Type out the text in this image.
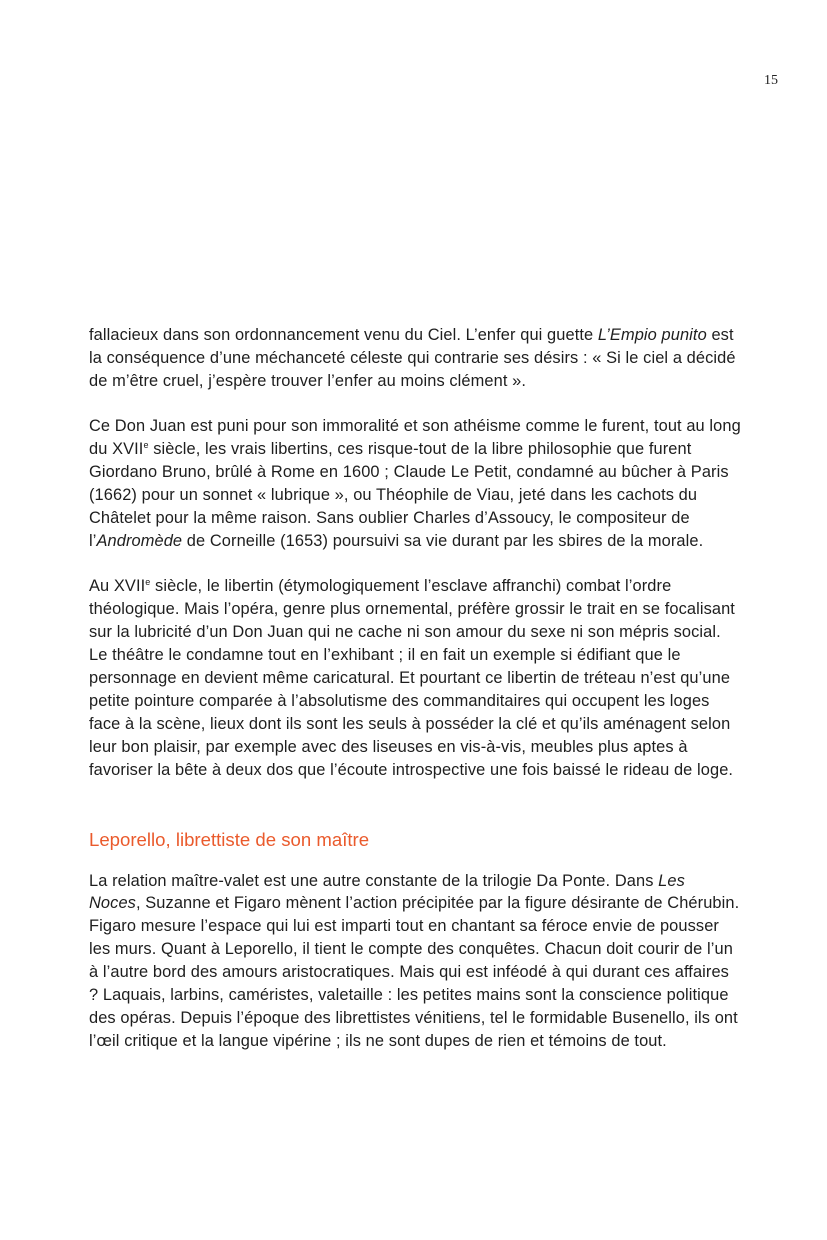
15

fallacieux dans son ordonnancement venu du Ciel. L’enfer qui guette L’Empio punito est la conséquence d’une méchanceté céleste qui contrarie ses désirs : « Si le ciel a décidé de m’être cruel, j’espère trouver l’enfer au moins clément ».

Ce Don Juan est puni pour son immoralité et son athéisme comme le furent, tout au long du XVIIe siècle, les vrais libertins, ces risque-tout de la libre philosophie que furent Giordano Bruno, brûlé à Rome en 1600 ; Claude Le Petit, condamné au bûcher à Paris (1662) pour un sonnet « lubrique », ou Théophile de Viau, jeté dans les cachots du Châtelet pour la même raison. Sans oublier Charles d’Assoucy, le compositeur de l’Andromède de Corneille (1653) poursuivi sa vie durant par les sbires de la morale.

Au XVIIe siècle, le libertin (étymologiquement l’esclave affranchi) combat l’ordre théologique. Mais l’opéra, genre plus ornemental, préfère grossir le trait en se focalisant sur la lubricité d’un Don Juan qui ne cache ni son amour du sexe ni son mépris social. Le théâtre le condamne tout en l’exhibant ; il en fait un exemple si édifiant que le personnage en devient même caricatural. Et pourtant ce libertin de tréteau n’est qu’une petite pointure comparée à l’absolutisme des commanditaires qui occupent les loges face à la scène, lieux dont ils sont les seuls à posséder la clé et qu’ils aménagent selon leur bon plaisir, par exemple avec des liseuses en vis-à-vis, meubles plus aptes à favoriser la bête à deux dos que l’écoute introspective une fois baissé le rideau de loge.

Leporello, librettiste de son maître

La relation maître-valet est une autre constante de la trilogie Da Ponte. Dans Les Noces, Suzanne et Figaro mènent l’action précipitée par la figure désirante de Chérubin. Figaro mesure l’espace qui lui est imparti tout en chantant sa féroce envie de pousser les murs. Quant à Leporello, il tient le compte des conquêtes. Chacun doit courir de l’un à l’autre bord des amours aristocratiques. Mais qui est inféodé à qui durant ces affaires ? Laquais, larbins, caméristes, valetaille : les petites mains sont la conscience politique des opéras. Depuis l’époque des librettistes vénitiens, tel le formidable Busenello, ils ont l’œil critique et la langue vipérine ; ils ne sont dupes de rien et témoins de tout.
